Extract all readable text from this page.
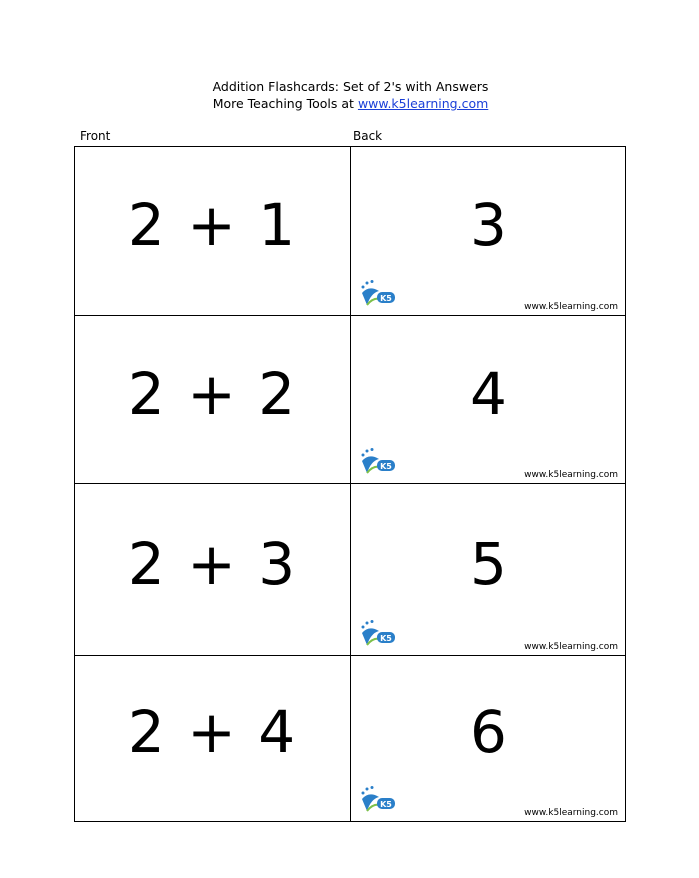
Addition Flashcards: Set of 2's with Answers
More Teaching Tools at www.k5learning.com
Front	Back
2 + 1	3
K5
www.k5learning.com
2 + 2	4
K5
www.k5learning.com
2 + 3	5
K5
www.k5learning.com
2 + 4	6
K5
www.k5learning.com
